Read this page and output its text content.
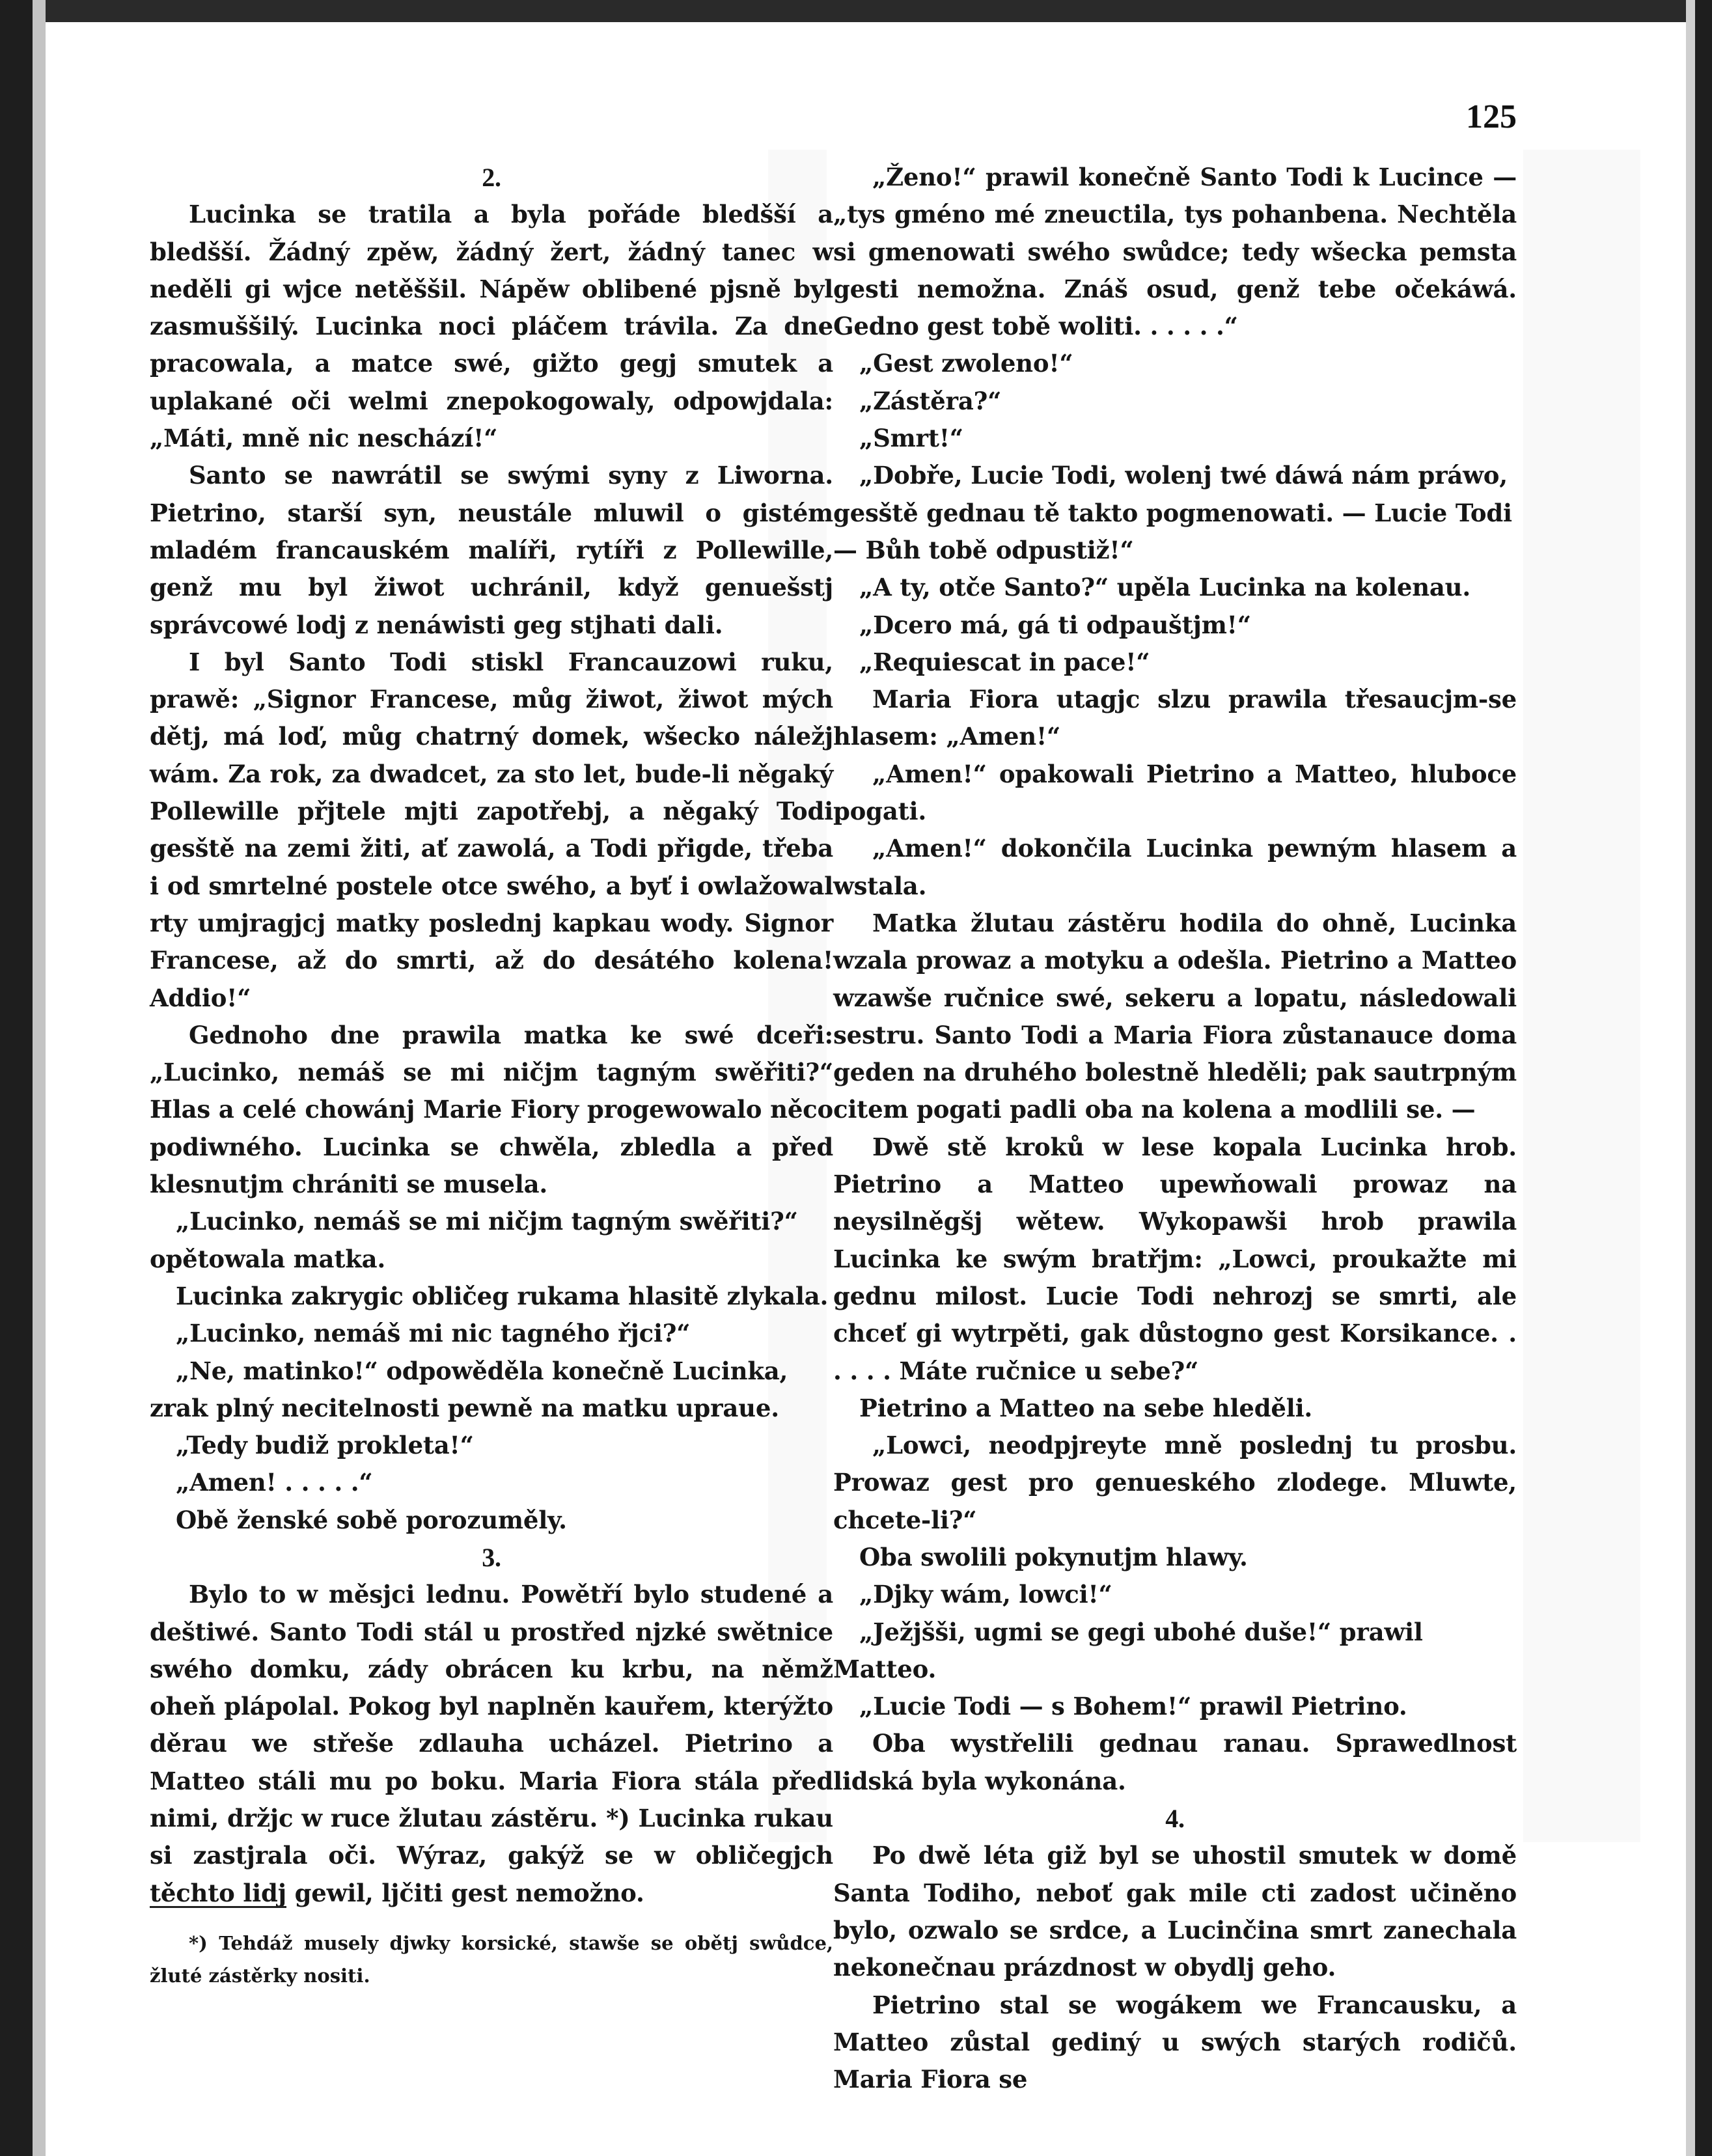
125
2.

Lucinka se tratila a byla pořáde bledšší a bledšší. Žádný zpěw, žádný žert, žádný tanec w neděli gi wjce netěššil. Nápěw oblibené pjsně byl zasmuššilý. Lucinka noci pláčem trávila. Za dne pracowala, a matce swé, gižto gegj smutek a uplakané oči welmi znepokogowaly, odpowjdala: „Máti, mně nic neschází!“

Santo se nawrátil se swými syny z Liworna. Pietrino, starší syn, neustále mluwil o gistém mladém francauském malíři, rytíři z Pollewille, genž mu byl žiwot uchránil, když genuešstj správcowé lodj z nenáwisti geg stjhati dali.

I byl Santo Todi stiskl Francauzowi ruku, prawě: „Signor Francese, můg žiwot, žiwot mých dětj, má loď, můg chatrný domek, wšecko náležj wám. Za rok, za dwadcet, za sto let, bude-li něgaký Pollewille přjtele mjti zapotřebj, a něgaký Todi gesště na zemi žiti, ať zawolá, a Todi přigde, třeba i od smrtelné postele otce swého, a byť i owlažowal rty umjragjcj matky poslednj kapkau wody. Signor Francese, až do smrti, až do desátého kolena! Addio!“

Gednoho dne prawila matka ke swé dceři: „Lucinko, nemáš se mi ničjm tagným swěřiti?“ Hlas a celé chowánj Marie Fiory progewowalo něco podiwného. Lucinka se chwěla, zbledla a před klesnutjm chrániti se musela.

„Lucinko, nemáš se mi ničjm tagným swěřiti?“ opětowala matka.

Lucinka zakrygic obličeg rukama hlasitě zlykala.

„Lucinko, nemáš mi nic tagného řjci?“

„Ne, matinko!“ odpowěděla konečně Lucinka, zrak plný necitelnosti pewně na matku upraue.

„Tedy budiž prokleta!“

„Amen! . . . . .“

Obě ženské sobě porozuměly.

3.

Bylo to w měsjci lednu. Powětří bylo studené a deštiwé. Santo Todi stál u prostřed njzké swětnice swého domku, zády obrácen ku krbu, na němž oheň plápolal. Pokog byl naplněn kauřem, kterýžto děrau we střeše zdlauha ucházel. Pietrino a Matteo stáli mu po boku. Maria Fiora stála před nimi, držjc w ruce žlutau zástěru. *) Lucinka rukau si zastjrala oči. Wýraz, gakýž se w obličegjch těchto lidj gewil, ljčiti gest nemožno.

*) Tehdáž musely djwky korsické, stawše se obětj swůdce, žluté zástěrky nositi.

„Ženo!“ prawil konečně Santo Todi k Lucince — „tys gméno mé zneuctila, tys pohanbena. Nechtěla si gmenowati swého swůdce; tedy wšecka pemsta gesti nemožna. Znáš osud, genž tebe očekáwá. Gedno gest tobě woliti. . . . . .“

„Gest zwoleno!“

„Zástěra?“

„Smrt!“

„Dobře, Lucie Todi, wolenj twé dáwá nám práwo, gesště gednau tě takto pogmenowati. — Lucie Todi — Bůh tobě odpustiž!“

„A ty, otče Santo?“ upěla Lucinka na kolenau.

„Dcero má, gá ti odpauštjm!“

„Requiescat in pace!“

Maria Fiora utagjc slzu prawila třesaucjm-se hlasem: „Amen!“

„Amen!“ opakowali Pietrino a Matteo, hluboce pogati.

„Amen!“ dokončila Lucinka pewným hlasem a wstala.

Matka žlutau zástěru hodila do ohně, Lucinka wzala prowaz a motyku a odešla. Pietrino a Matteo wzawše ručnice swé, sekeru a lopatu, následowali sestru. Santo Todi a Maria Fiora zůstanauce doma geden na druhého bolestně hleděli; pak sautrpným citem pogati padli oba na kolena a modlili se. —

Dwě stě kroků w lese kopala Lucinka hrob. Pietrino a Matteo upewňowali prowaz na neysilněgšj wětew. Wykopawši hrob prawila Lucinka ke swým bratřjm: „Lowci, proukažte mi gednu milost. Lucie Todi nehrozj se smrti, ale chceť gi wytrpěti, gak důstogno gest Korsikance. . . . . . Máte ručnice u sebe?“

Pietrino a Matteo na sebe hleděli.

„Lowci, neodpjreyte mně poslednj tu prosbu. Prowaz gest pro genueského zlodege. Mluwte, chcete-li?“

Oba swolili pokynutjm hlawy.

„Djky wám, lowci!“

„Ježjšši, ugmi se gegi ubohé duše!“ prawil Matteo.

„Lucie Todi — s Bohem!“ prawil Pietrino.

Oba wystřelili gednau ranau. Sprawedlnost lidská byla wykonána.

4.

Po dwě léta giž byl se uhostil smutek w domě Santa Todiho, neboť gak mile cti zadost učiněno bylo, ozwalo se srdce, a Lucinčina smrt zanechala nekonečnau prázdnost w obydlj geho.

Pietrino stal se wogákem we Francausku, a Matteo zůstal gediný u swých starých rodičů. Maria Fiora se
